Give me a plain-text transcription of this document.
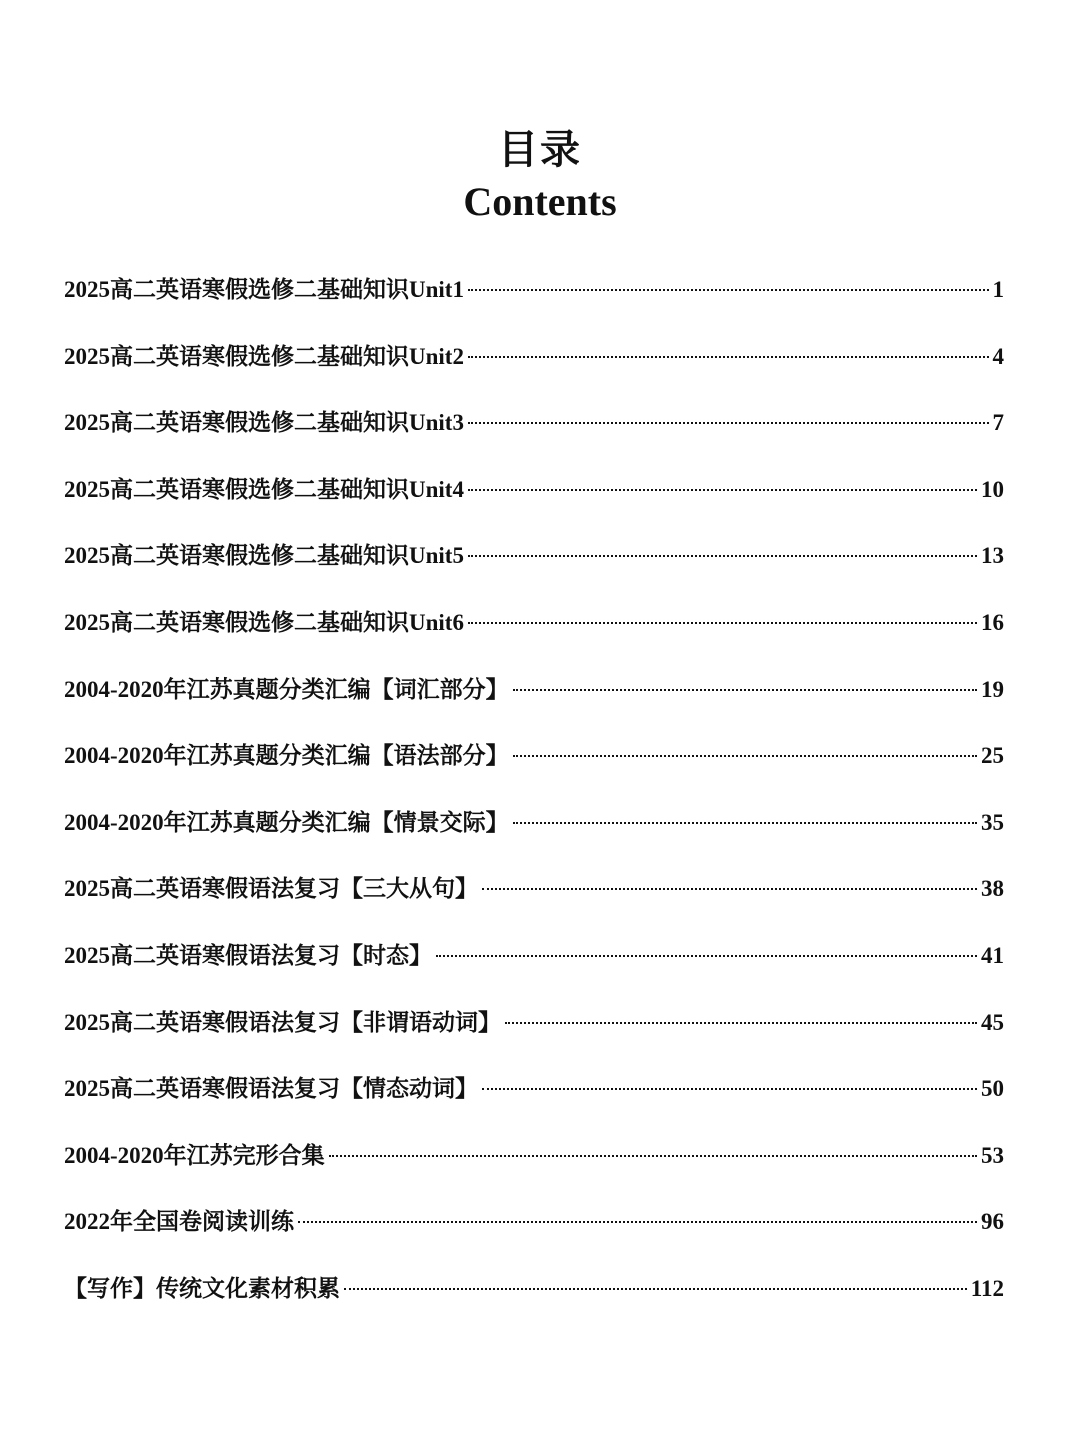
目录
Contents
2025高二英语寒假选修二基础知识Unit1	1
2025高二英语寒假选修二基础知识Unit2	4
2025高二英语寒假选修二基础知识Unit3	7
2025高二英语寒假选修二基础知识Unit4	10
2025高二英语寒假选修二基础知识Unit5	13
2025高二英语寒假选修二基础知识Unit6	16
2004-2020年江苏真题分类汇编【词汇部分】	19
2004-2020年江苏真题分类汇编【语法部分】	25
2004-2020年江苏真题分类汇编【情景交际】	35
2025高二英语寒假语法复习【三大从句】	38
2025高二英语寒假语法复习【时态】	41
2025高二英语寒假语法复习【非谓语动词】	45
2025高二英语寒假语法复习【情态动词】	50
2004-2020年江苏完形合集	53
2022年全国卷阅读训练	96
【写作】传统文化素材积累	112
